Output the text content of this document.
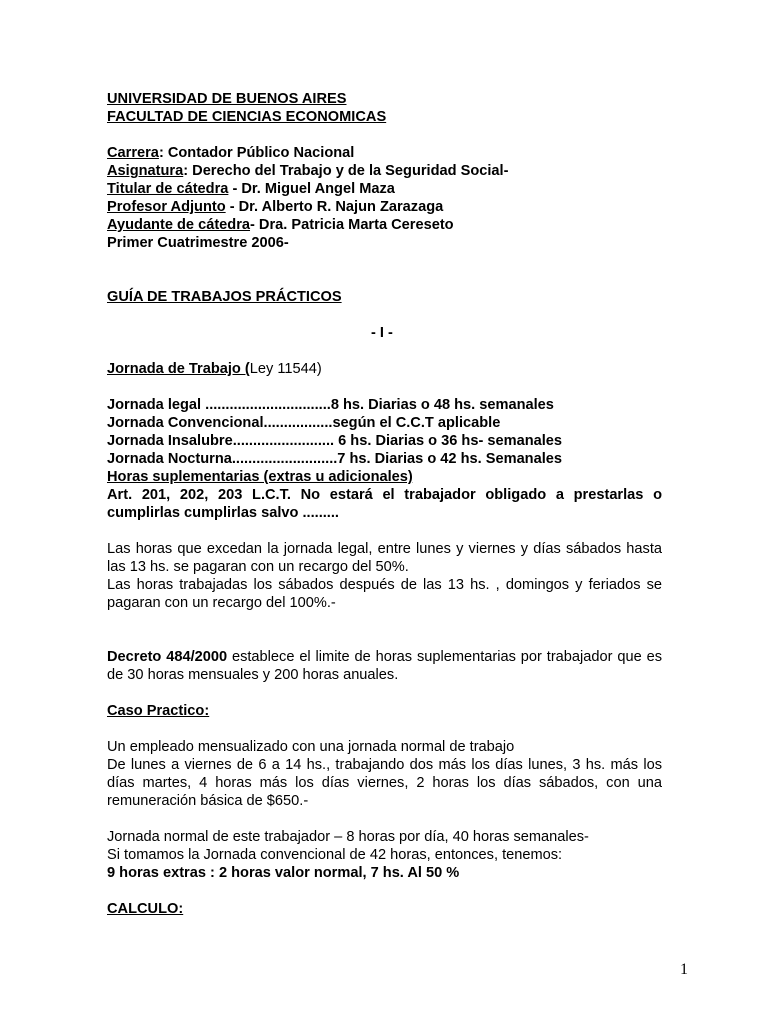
UNIVERSIDAD DE BUENOS AIRES
FACULTAD DE CIENCIAS ECONOMICAS
Carrera: Contador Público Nacional
Asignatura: Derecho del Trabajo y de la Seguridad Social-
Titular de cátedra - Dr. Miguel Angel Maza
Profesor Adjunto - Dr. Alberto R. Najun Zarazaga
Ayudante de cátedra- Dra. Patricia Marta Cereseto
Primer Cuatrimestre 2006-
GUÍA DE TRABAJOS PRÁCTICOS
- I -
Jornada de Trabajo (Ley 11544)
Jornada legal ...............................8 hs. Diarias o 48 hs. semanales
Jornada Convencional.................según el C.C.T aplicable
Jornada Insalubre......................... 6 hs. Diarias o 36 hs- semanales
Jornada Nocturna..........................7 hs. Diarias o 42 hs. Semanales
Horas suplementarias (extras u adicionales)
Art. 201, 202, 203 L.C.T. No estará el trabajador obligado a prestarlas o cumplirlas cumplirlas salvo .........
Las horas que excedan la jornada legal, entre lunes y viernes y días sábados hasta las 13 hs. se pagaran con un recargo del 50%.
Las horas trabajadas los sábados después de las 13 hs. , domingos y feriados se pagaran con un recargo del 100%.-
Decreto 484/2000 establece el limite de horas suplementarias por trabajador que es de 30 horas mensuales y 200 horas anuales.
Caso Practico:
Un empleado mensualizado con una jornada normal de trabajo
De lunes a viernes de 6 a 14 hs., trabajando dos más los días lunes, 3 hs. más los días martes, 4 horas más los días viernes, 2 horas los días sábados, con una remuneración básica de $650.-
Jornada normal de este trabajador – 8 horas por día, 40 horas semanales-
Si tomamos la Jornada convencional de 42 horas, entonces, tenemos:
9 horas extras : 2 horas valor normal, 7 hs. Al 50 %
CALCULO:
1
